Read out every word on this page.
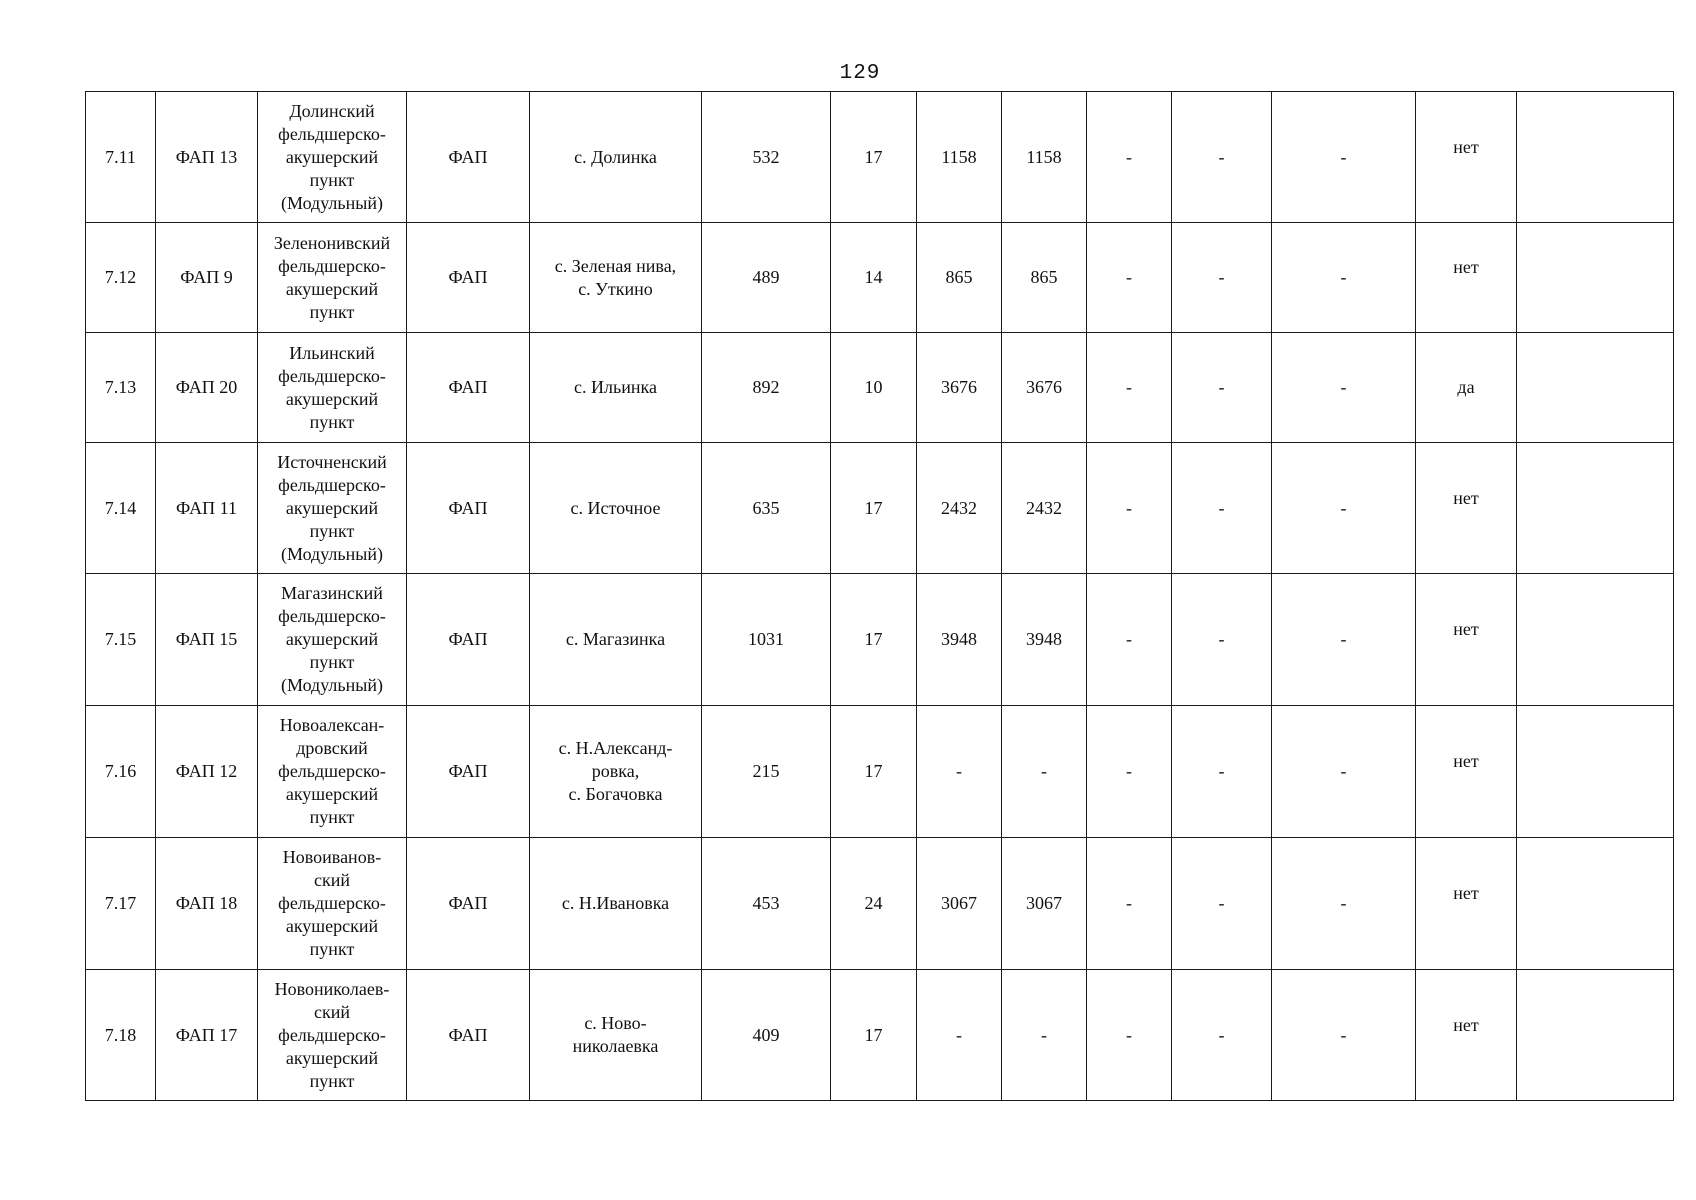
129
7.11	ФАП 13	Долинский
фельдшерско-
акушерский
пункт
(Модульный)	ФАП	с. Долинка	532	17	1158	1158	-	-	-	нет	
7.12	ФАП 9	Зеленонивский
фельдшерско-
акушерский
пункт	ФАП	с. Зеленая нива,
с. Уткино	489	14	865	865	-	-	-	нет	
7.13	ФАП 20	Ильинский
фельдшерско-
акушерский
пункт	ФАП	с. Ильинка	892	10	3676	3676	-	-	-	да	
7.14	ФАП 11	Источненский
фельдшерско-
акушерский
пункт
(Модульный)	ФАП	с. Источное	635	17	2432	2432	-	-	-	нет	
7.15	ФАП 15	Магазинский
фельдшерско-
акушерский
пункт
(Модульный)	ФАП	с. Магазинка	1031	17	3948	3948	-	-	-	нет	
7.16	ФАП 12	Новоалексан-
дровский
фельдшерско-
акушерский
пункт	ФАП	с. Н.Александ-
ровка,
с. Богачовка	215	17	-	-	-	-	-	нет	
7.17	ФАП 18	Новоиванов-
ский
фельдшерско-
акушерский
пункт	ФАП	с. Н.Ивановка	453	24	3067	3067	-	-	-	нет	
7.18	ФАП 17	Новониколаев-
ский
фельдшерско-
акушерский
пункт	ФАП	с. Ново-
николаевка	409	17	-	-	-	-	-	нет	
